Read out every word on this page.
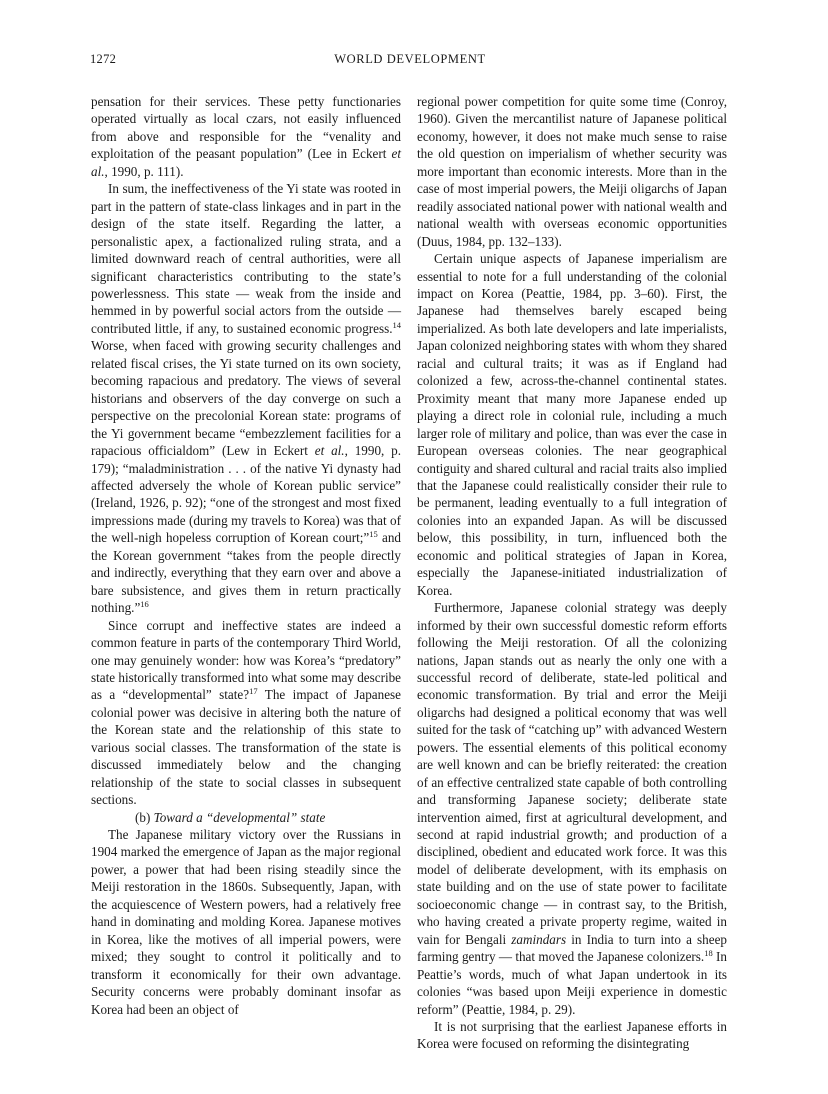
1272	WORLD DEVELOPMENT

pensation for their services. These petty functionaries operated virtually as local czars, not easily influenced from above and responsible for the “venality and exploitation of the peasant population” (Lee in Eckert et al., 1990, p. 111).

In sum, the ineffectiveness of the Yi state was rooted in part in the pattern of state-class linkages and in part in the design of the state itself. Regarding the latter, a personalistic apex, a factionalized ruling strata, and a limited downward reach of central authorities, were all significant characteristics contributing to the state’s powerlessness. This state — weak from the inside and hemmed in by powerful social actors from the outside — contributed little, if any, to sustained economic progress.$^{14}$ Worse, when faced with growing security challenges and related fiscal crises, the Yi state turned on its own society, becoming rapacious and predatory. The views of several historians and observers of the day converge on such a perspective on the precolonial Korean state: programs of the Yi government became “embezzlement facilities for a rapacious officialdom” (Lew in Eckert et al., 1990, p. 179); “maladministration . . . of the native Yi dynasty had affected adversely the whole of Korean public service” (Ireland, 1926, p. 92); “one of the strongest and most fixed impressions made (during my travels to Korea) was that of the well-nigh hopeless corruption of Korean court;”$^{15}$ and the Korean government “takes from the people directly and indirectly, everything that they earn over and above a bare subsistence, and gives them in return practically nothing.”$^{16}$

Since corrupt and ineffective states are indeed a common feature in parts of the contemporary Third World, one may genuinely wonder: how was Korea’s “predatory” state historically transformed into what some may describe as a “developmental” state?$^{17}$ The impact of Japanese colonial power was decisive in altering both the nature of the Korean state and the relationship of this state to various social classes. The transformation of the state is discussed immediately below and the changing relationship of the state to social classes in subsequent sections.

(b) Toward a “developmental” state

The Japanese military victory over the Russians in 1904 marked the emergence of Japan as the major regional power, a power that had been rising steadily since the Meiji restoration in the 1860s. Subsequently, Japan, with the acquiescence of Western powers, had a relatively free hand in dominating and molding Korea. Japanese motives in Korea, like the motives of all imperial powers, were mixed; they sought to control it politically and to transform it economically for their own advantage. Security concerns were probably dominant insofar as Korea had been an object of

regional power competition for quite some time (Conroy, 1960). Given the mercantilist nature of Japanese political economy, however, it does not make much sense to raise the old question on imperialism of whether security was more important than economic interests. More than in the case of most imperial powers, the Meiji oligarchs of Japan readily associated national power with national wealth and national wealth with overseas economic opportunities (Duus, 1984, pp. 132–133).

Certain unique aspects of Japanese imperialism are essential to note for a full understanding of the colonial impact on Korea (Peattie, 1984, pp. 3–60). First, the Japanese had themselves barely escaped being imperialized. As both late developers and late imperialists, Japan colonized neighboring states with whom they shared racial and cultural traits; it was as if England had colonized a few, across-the-channel continental states. Proximity meant that many more Japanese ended up playing a direct role in colonial rule, including a much larger role of military and police, than was ever the case in European overseas colonies. The near geographical contiguity and shared cultural and racial traits also implied that the Japanese could realistically consider their rule to be permanent, leading eventually to a full integration of colonies into an expanded Japan. As will be discussed below, this possibility, in turn, influenced both the economic and political strategies of Japan in Korea, especially the Japanese-initiated industrialization of Korea.

Furthermore, Japanese colonial strategy was deeply informed by their own successful domestic reform efforts following the Meiji restoration. Of all the colonizing nations, Japan stands out as nearly the only one with a successful record of deliberate, state-led political and economic transformation. By trial and error the Meiji oligarchs had designed a political economy that was well suited for the task of “catching up” with advanced Western powers. The essential elements of this political economy are well known and can be briefly reiterated: the creation of an effective centralized state capable of both controlling and transforming Japanese society; deliberate state intervention aimed, first at agricultural development, and second at rapid industrial growth; and production of a disciplined, obedient and educated work force. It was this model of deliberate development, with its emphasis on state building and on the use of state power to facilitate socioeconomic change — in contrast say, to the British, who having created a private property regime, waited in vain for Bengali zamindars in India to turn into a sheep farming gentry — that moved the Japanese colonizers.$^{18}$ In Peattie’s words, much of what Japan undertook in its colonies “was based upon Meiji experience in domestic reform” (Peattie, 1984, p. 29).

It is not surprising that the earliest Japanese efforts in Korea were focused on reforming the disintegrating
